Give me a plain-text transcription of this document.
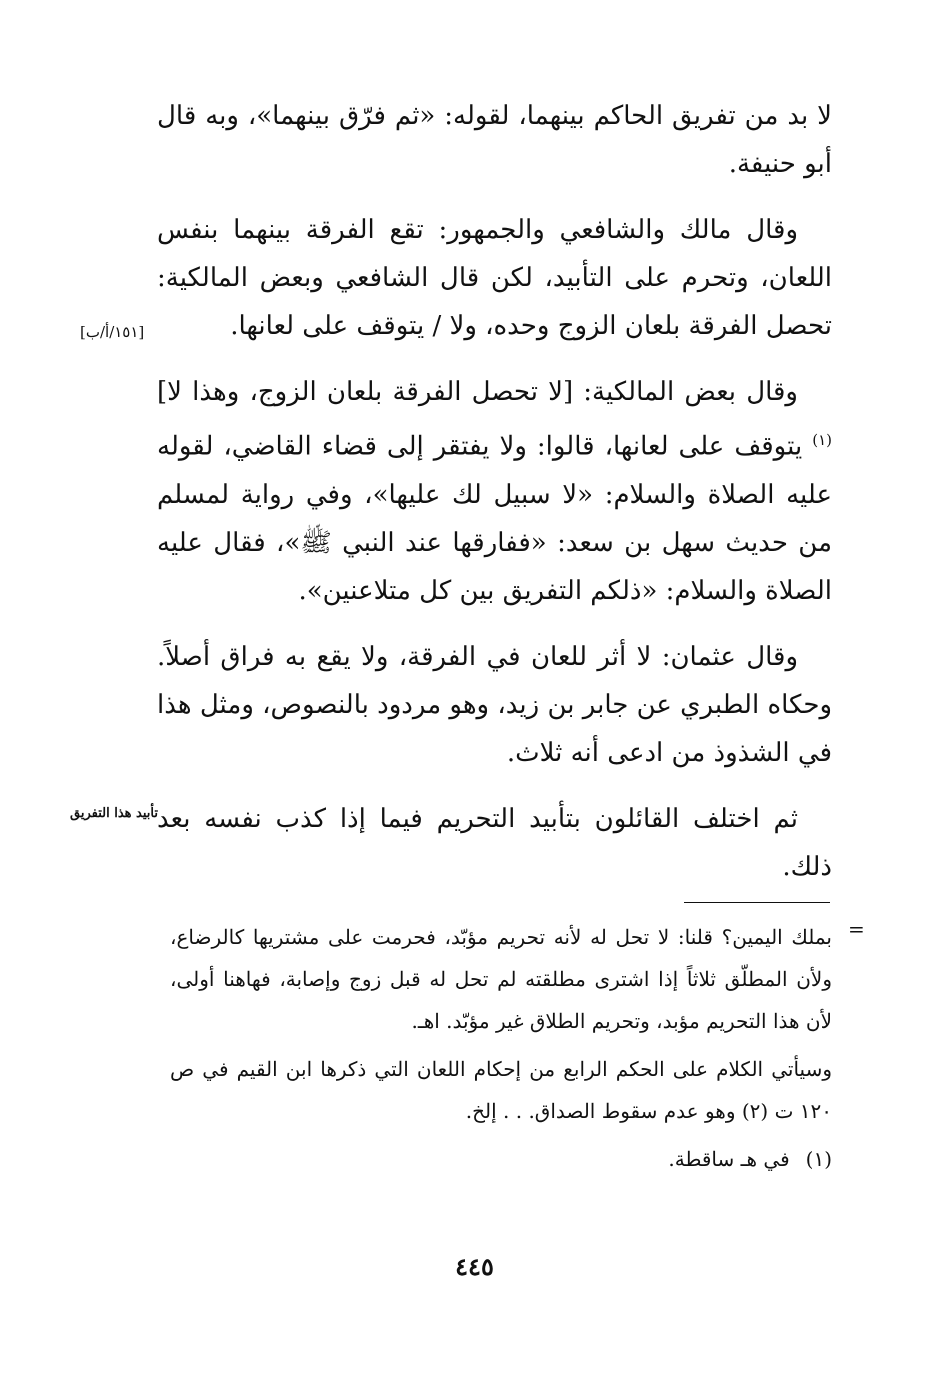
لا بد من تفريق الحاكم بينهما، لقوله: «ثم فرّق بينهما»، وبه قال أبو حنيفة.

وقال مالك والشافعي والجمهور: تقع الفرقة بينهما بنفس اللعان، وتحرم على التأبيد، لكن قال الشافعي وبعض المالكية: تحصل الفرقة بلعان الزوج وحده، ولا / يتوقف على لعانها.

وقال بعض المالكية: [لا تحصل الفرقة بلعان الزوج، وهذا لا]$^{(١)}$ يتوقف على لعانها، قالوا: ولا يفتقر إلى قضاء القاضي، لقوله عليه الصلاة والسلام: «لا سبيل لك عليها»، وفي رواية لمسلم من حديث سهل بن سعد: «ففارقها عند النبي ﷺ»، فقال عليه الصلاة والسلام: «ذلكم التفريق بين كل متلاعنين».

وقال عثمان: لا أثر للعان في الفرقة، ولا يقع به فراق أصلاً. وحكاه الطبري عن جابر بن زيد، وهو مردود بالنصوص، ومثل هذا في الشذوذ من ادعى أنه ثلاث.

ثم اختلف القائلون بتأبيد التحريم فيما إذا كذب نفسه بعد ذلك.

[١٥١/أ/ب]
تأبيد هذا التفريق
=

بملك اليمين؟ قلنا: لا تحل له لأنه تحريم مؤبّد، فحرمت على مشتريها كالرضاع، ولأن المطلّق ثلاثاً إذا اشترى مطلقته لم تحل له قبل زوج وإصابة، فهاهنا أولى، لأن هذا التحريم مؤبد، وتحريم الطلاق غير مؤبّد. اهـ.

وسيأتي الكلام على الحكم الرابع من إحكام اللعان التي ذكرها ابن القيم في ص ١٢٠ ت (٢) وهو عدم سقوط الصداق. . . إلخ.

(١)في هـ ساقطة.

٤٤٥
